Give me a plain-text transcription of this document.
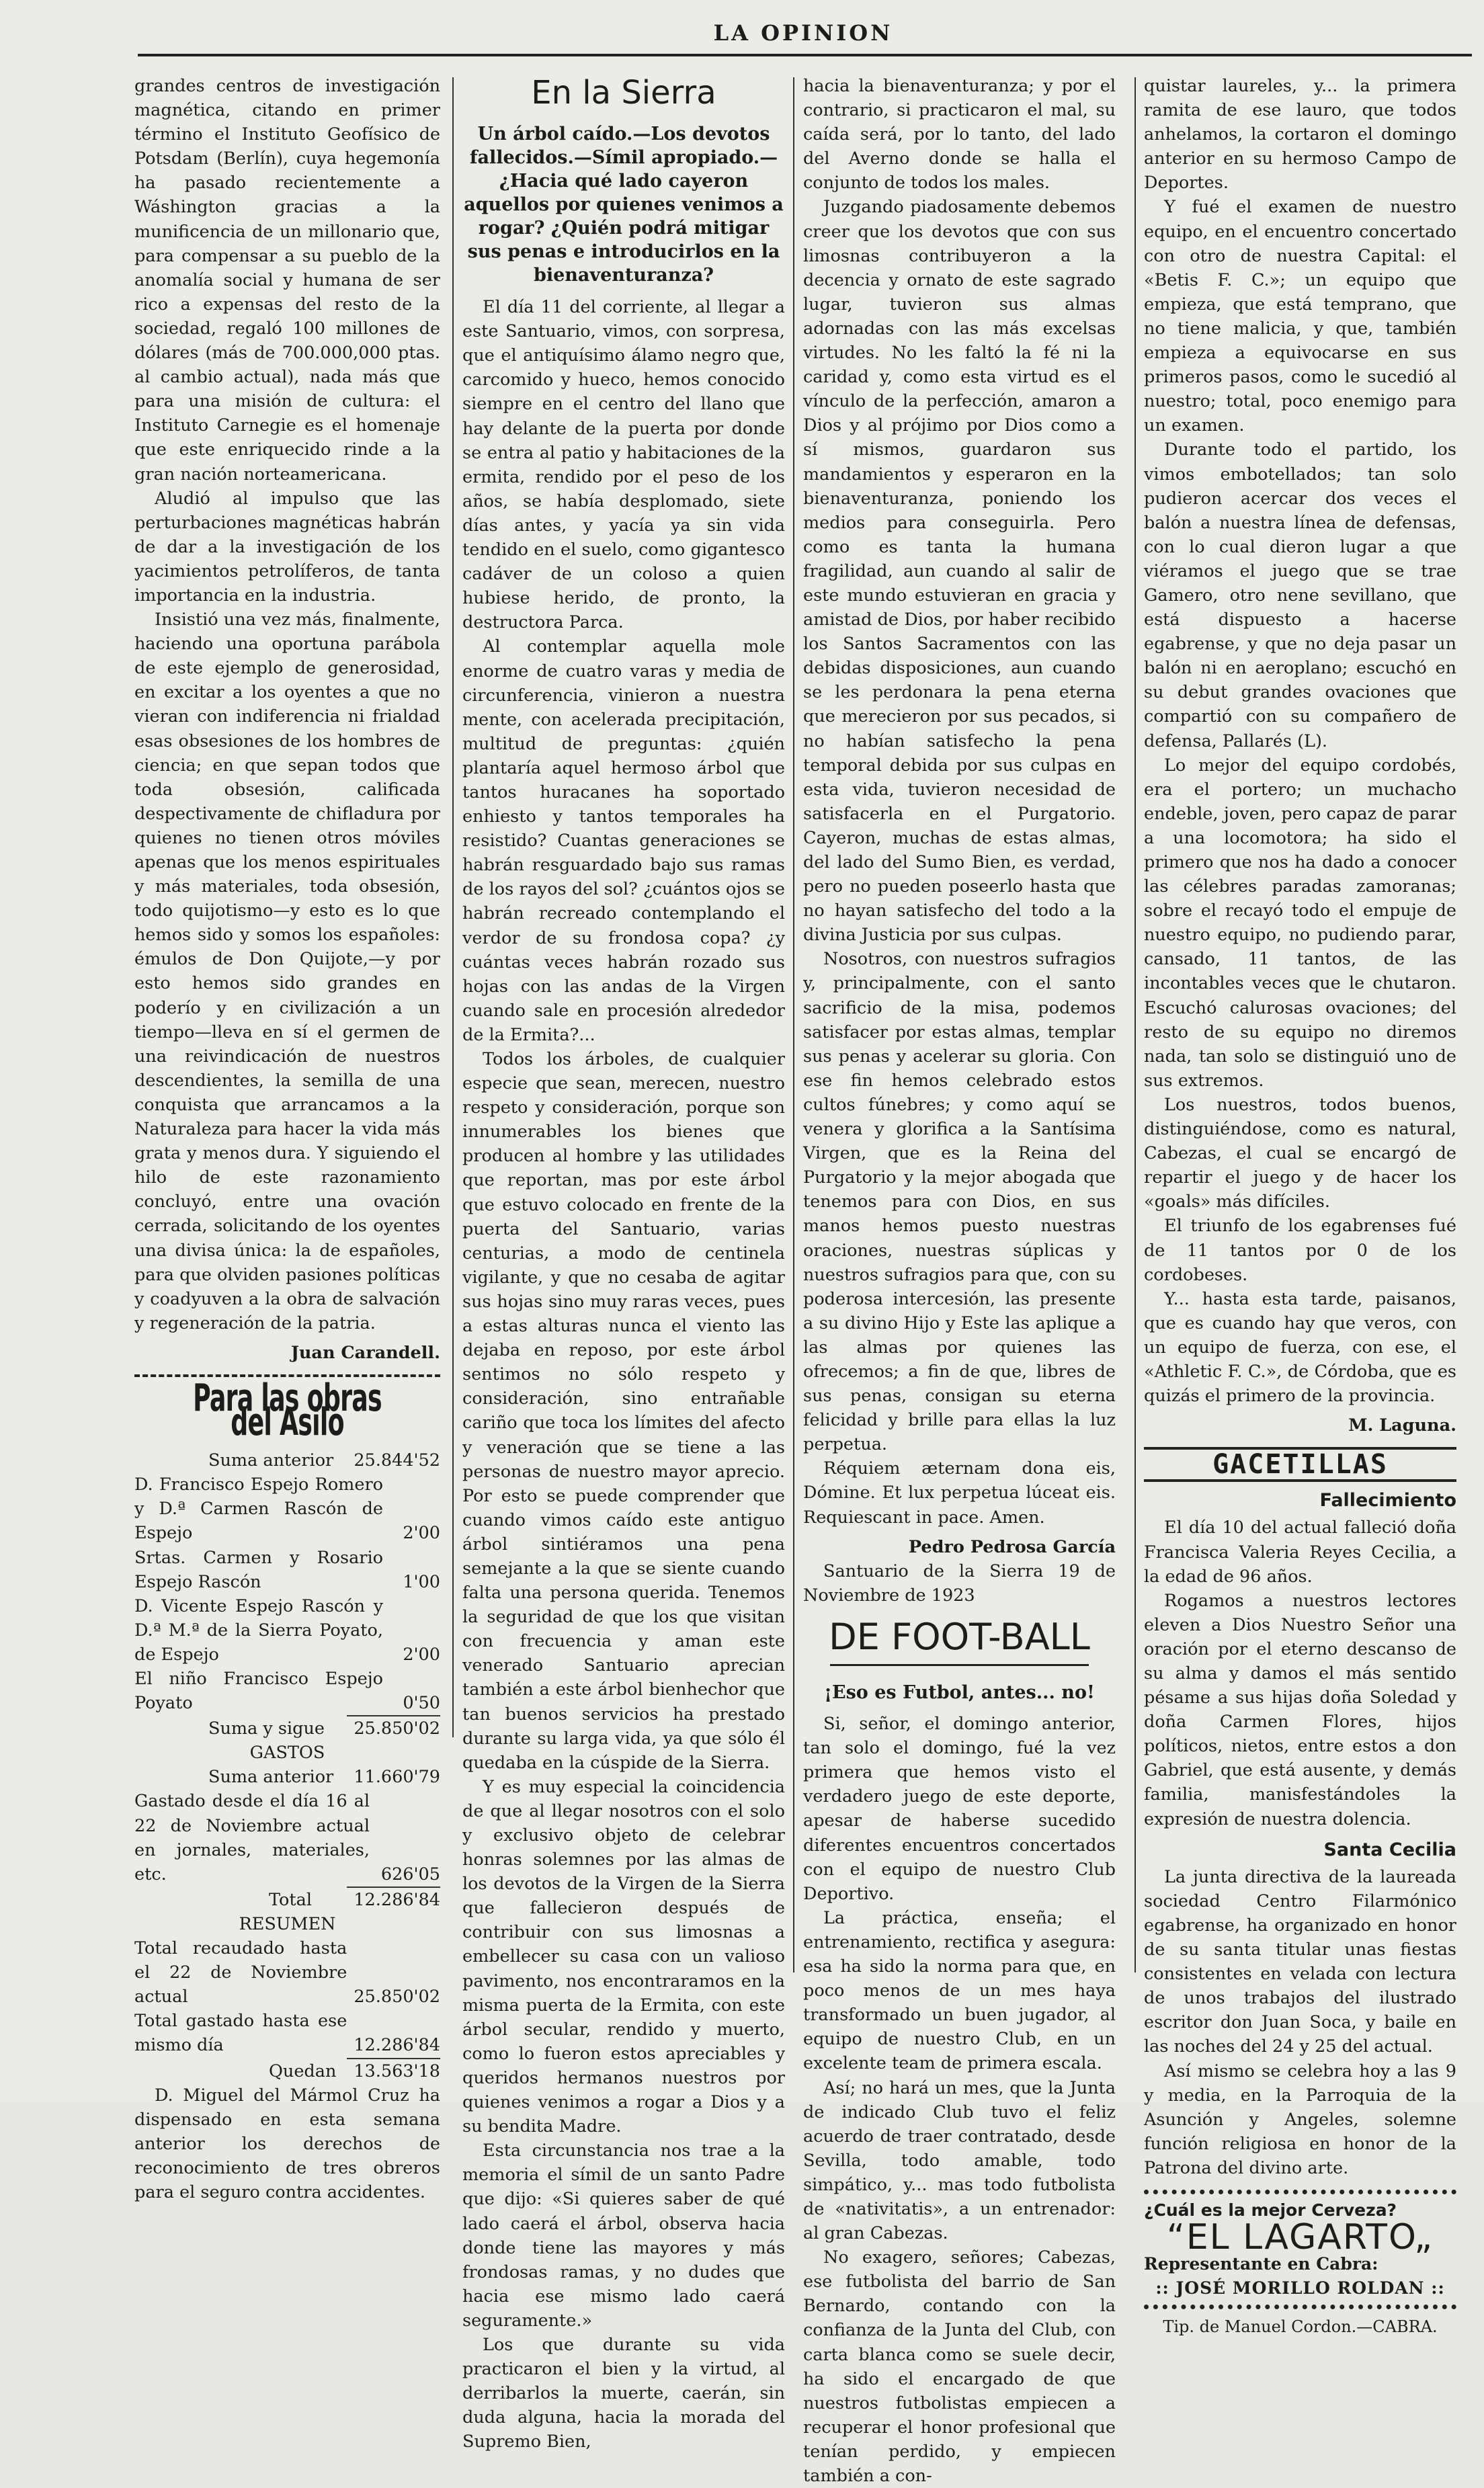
LA OPINION

grandes centros de investigación magnética, citando en primer término el Instituto Geofísico de Potsdam (Berlín), cuya hegemonía ha pasado recientemente a Wáshington gracias a la munificencia de un millonario que, para compensar a su pueblo de la anomalía social y humana de ser rico a expensas del resto de la sociedad, regaló 100 millones de dólares (más de 700.000,000 ptas. al cambio actual), nada más que para una misión de cultura: el Instituto Carnegie es el homenaje que este enriquecido rinde a la gran nación norteamericana.

Aludió al impulso que las perturbaciones magnéticas habrán de dar a la investigación de los yacimientos petrolíferos, de tanta importancia en la industria.

Insistió una vez más, finalmente, haciendo una oportuna parábola de este ejemplo de generosidad, en excitar a los oyentes a que no vieran con indiferencia ni frialdad esas obsesiones de los hombres de ciencia; en que sepan todos que toda obsesión, calificada despectivamente de chifladura por quienes no tienen otros móviles apenas que los menos espirituales y más materiales, toda obsesión, todo quijotismo—y esto es lo que hemos sido y somos los españoles: émulos de Don Quijote,—y por esto hemos sido grandes en poderío y en civilización a un tiempo—lleva en sí el germen de una reivindicación de nuestros descendientes, la semilla de una conquista que arrancamos a la Naturaleza para hacer la vida más grata y menos dura. Y siguiendo el hilo de este razonamiento concluyó, entre una ovación cerrada, solicitando de los oyentes una divisa única: la de españoles, para que olviden pasiones políticas y coadyuven a la obra de salvación y regeneración de la patria.

Juan Carandell.

Para las obras del Asilo
Suma anterior	25.844'52
D. Francisco Espejo Romero y D.ª Carmen Rascón de Espejo	2'00
Srtas. Carmen y Rosario Espejo Rascón	1'00
D. Vicente Espejo Rascón y D.ª M.ª de la Sierra Poyato, de Espejo	2'00
El niño Francisco Espejo Poyato	0'50
Suma y sigue	25.850'02
GASTOS
Suma anterior	11.660'79
Gastado desde el día 16 al 22 de Noviembre actual en jornales, materiales, etc.	626'05
Total	12.286'84
RESUMEN
Total recaudado hasta el 22 de Noviembre actual	25.850'02
Total gastado hasta ese mismo día	12.286'84
Quedan	13.563'18

D. Miguel del Mármol Cruz ha dispensado en esta semana anterior los derechos de reconocimiento de tres obreros para el seguro contra accidentes.

En la Sierra
Un árbol caído.—Los devotos fallecidos.—Símil apropiado.—¿Hacia qué lado cayeron aquellos por quienes venimos a rogar? ¿Quién podrá mitigar sus penas e introducirlos en la bienaventuranza?

El día 11 del corriente, al llegar a este Santuario, vimos, con sorpresa, que el antiquísimo álamo negro que, carcomido y hueco, hemos conocido siempre en el centro del llano que hay delante de la puerta por donde se entra al patio y habitaciones de la ermita, rendido por el peso de los años, se había desplomado, siete días antes, y yacía ya sin vida tendido en el suelo, como gigantesco cadáver de un coloso a quien hubiese herido, de pronto, la destructora Parca.

Al contemplar aquella mole enorme de cuatro varas y media de circunferencia, vinieron a nuestra mente, con acelerada precipitación, multitud de preguntas: ¿quién plantaría aquel hermoso árbol que tantos huracanes ha soportado enhiesto y tantos temporales ha resistido? Cuantas generaciones se habrán resguardado bajo sus ramas de los rayos del sol? ¿cuántos ojos se habrán recreado contemplando el verdor de su frondosa copa? ¿y cuántas veces habrán rozado sus hojas con las andas de la Virgen cuando sale en procesión alrededor de la Ermita?...

Todos los árboles, de cualquier especie que sean, merecen, nuestro respeto y consideración, porque son innumerables los bienes que producen al hombre y las utilidades que reportan, mas por este árbol que estuvo colocado en frente de la puerta del Santuario, varias centurias, a modo de centinela vigilante, y que no cesaba de agitar sus hojas sino muy raras veces, pues a estas alturas nunca el viento las dejaba en reposo, por este árbol sentimos no sólo respeto y consideración, sino entrañable cariño que toca los límites del afecto y veneración que se tiene a las personas de nuestro mayor aprecio. Por esto se puede comprender que cuando vimos caído este antiguo árbol sintiéramos una pena semejante a la que se siente cuando falta una persona querida. Tenemos la seguridad de que los que visitan con frecuencia y aman este venerado Santuario aprecian también a este árbol bienhechor que tan buenos servicios ha prestado durante su larga vida, ya que sólo él quedaba en la cúspide de la Sierra.

Y es muy especial la coincidencia de que al llegar nosotros con el solo y exclusivo objeto de celebrar honras solemnes por las almas de los devotos de la Virgen de la Sierra que fallecieron después de contribuir con sus limosnas a embellecer su casa con un valioso pavimento, nos encontraramos en la misma puerta de la Ermita, con este árbol secular, rendido y muerto, como lo fueron estos apreciables y queridos hermanos nuestros por quienes venimos a rogar a Dios y a su bendita Madre.

Esta circunstancia nos trae a la memoria el símil de un santo Padre que dijo: «Si quieres saber de qué lado caerá el árbol, observa hacia donde tiene las mayores y más frondosas ramas, y no dudes que hacia ese mismo lado caerá seguramente.»

Los que durante su vida practicaron el bien y la virtud, al derribarlos la muerte, caerán, sin duda alguna, hacia la morada del Supremo Bien,

hacia la bienaventuranza; y por el contrario, si practicaron el mal, su caída será, por lo tanto, del lado del Averno donde se halla el conjunto de todos los males.

Juzgando piadosamente debemos creer que los devotos que con sus limosnas contribuyeron a la decencia y ornato de este sagrado lugar, tuvieron sus almas adornadas con las más excelsas virtudes. No les faltó la fé ni la caridad y, como esta virtud es el vínculo de la perfección, amaron a Dios y al prójimo por Dios como a sí mismos, guardaron sus mandamientos y esperaron en la bienaventuranza, poniendo los medios para conseguirla. Pero como es tanta la humana fragilidad, aun cuando al salir de este mundo estuvieran en gracia y amistad de Dios, por haber recibido los Santos Sacramentos con las debidas disposiciones, aun cuando se les perdonara la pena eterna que merecieron por sus pecados, si no habían satisfecho la pena temporal debida por sus culpas en esta vida, tuvieron necesidad de satisfacerla en el Purgatorio. Cayeron, muchas de estas almas, del lado del Sumo Bien, es verdad, pero no pueden poseerlo hasta que no hayan satisfecho del todo a la divina Justicia por sus culpas.

Nosotros, con nuestros sufragios y, principalmente, con el santo sacrificio de la misa, podemos satisfacer por estas almas, templar sus penas y acelerar su gloria. Con ese fin hemos celebrado estos cultos fúnebres; y como aquí se venera y glorifica a la Santísima Virgen, que es la Reina del Purgatorio y la mejor abogada que tenemos para con Dios, en sus manos hemos puesto nuestras oraciones, nuestras súplicas y nuestros sufragios para que, con su poderosa intercesión, las presente a su divino Hijo y Este las aplique a las almas por quienes las ofrecemos; a fin de que, libres de sus penas, consigan su eterna felicidad y brille para ellas la luz perpetua.

Réquiem æternam dona eis, Dómine. Et lux perpetua lúceat eis. Requiescant in pace. Amen.

Pedro Pedrosa García

Santuario de la Sierra 19 de Noviembre de 1923

DE FOOT-BALL
¡Eso es Futbol, antes... no!

Si, señor, el domingo anterior, tan solo el domingo, fué la vez primera que hemos visto el verdadero juego de este deporte, apesar de haberse sucedido diferentes encuentros concertados con el equipo de nuestro Club Deportivo.

La práctica, enseña; el entrenamiento, rectifica y asegura: esa ha sido la norma para que, en poco menos de un mes haya transformado un buen jugador, al equipo de nuestro Club, en un excelente team de primera escala.

Así; no hará un mes, que la Junta de indicado Club tuvo el feliz acuerdo de traer contratado, desde Sevilla, todo amable, todo simpático, y... mas todo futbolista de «nativitatis», a un entrenador: al gran Cabezas.

No exagero, señores; Cabezas, ese futbolista del barrio de San Bernardo, contando con la confianza de la Junta del Club, con carta blanca como se suele decir, ha sido el encargado de que nuestros futbolistas empiecen a recuperar el honor profesional que tenían perdido, y empiecen también a con-

quistar laureles, y... la primera ramita de ese lauro, que todos anhelamos, la cortaron el domingo anterior en su hermoso Campo de Deportes.

Y fué el examen de nuestro equipo, en el encuentro concertado con otro de nuestra Capital: el «Betis F. C.»; un equipo que empieza, que está temprano, que no tiene malicia, y que, también empieza a equivocarse en sus primeros pasos, como le sucedió al nuestro; total, poco enemigo para un examen.

Durante todo el partido, los vimos embotellados; tan solo pudieron acercar dos veces el balón a nuestra línea de defensas, con lo cual dieron lugar a que viéramos el juego que se trae Gamero, otro nene sevillano, que está dispuesto a hacerse egabrense, y que no deja pasar un balón ni en aeroplano; escuchó en su debut grandes ovaciones que compartió con su compañero de defensa, Pallarés (L).

Lo mejor del equipo cordobés, era el portero; un muchacho endeble, joven, pero capaz de parar a una locomotora; ha sido el primero que nos ha dado a conocer las célebres paradas zamoranas; sobre el recayó todo el empuje de nuestro equipo, no pudiendo parar, cansado, 11 tantos, de las incontables veces que le chutaron. Escuchó calurosas ovaciones; del resto de su equipo no diremos nada, tan solo se distinguió uno de sus extremos.

Los nuestros, todos buenos, distinguiéndose, como es natural, Cabezas, el cual se encargó de repartir el juego y de hacer los «goals» más difíciles.

El triunfo de los egabrenses fué de 11 tantos por 0 de los cordobeses.

Y... hasta esta tarde, paisanos, que es cuando hay que veros, con un equipo de fuerza, con ese, el «Athletic F. C.», de Córdoba, que es quizás el primero de la provincia.

M. Laguna.

GACETILLAS
Fallecimiento

El día 10 del actual falleció doña Francisca Valeria Reyes Cecilia, a la edad de 96 años.

Rogamos a nuestros lectores eleven a Dios Nuestro Señor una oración por el eterno descanso de su alma y damos el más sentido pésame a sus hijas doña Soledad y doña Carmen Flores, hijos políticos, nietos, entre estos a don Gabriel, que está ausente, y demás familia, manisfestándoles la expresión de nuestra dolencia.

Santa Cecilia

La junta directiva de la laureada sociedad Centro Filarmónico egabrense, ha organizado en honor de su santa titular unas fiestas consistentes en velada con lectura de unos trabajos del ilustrado escritor don Juan Soca, y baile en las noches del 24 y 25 del actual.

Así mismo se celebra hoy a las 9 y media, en la Parroquia de la Asunción y Angeles, solemne función religiosa en honor de la Patrona del divino arte.

¿Cuál es la mejor Cerveza?
“EL LAGARTO„
Representante en Cabra:
:: JOSÉ MORILLO ROLDAN ::
Tip. de Manuel Cordon.—CABRA.
